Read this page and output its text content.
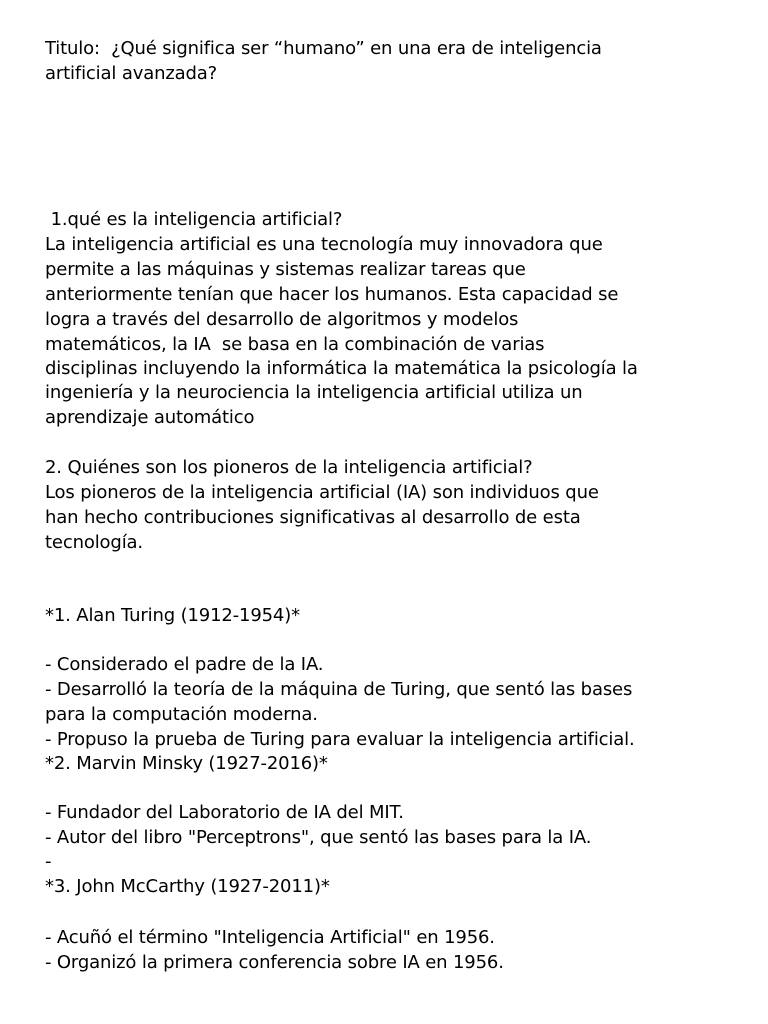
Titulo:  ¿Qué significa ser “humano” en una era de inteligencia

artificial avanzada?

1.qué es la inteligencia artificial?

La inteligencia artificial es una tecnología muy innovadora que

permite a las máquinas y sistemas realizar tareas que

anteriormente tenían que hacer los humanos. Esta capacidad se

logra a través del desarrollo de algoritmos y modelos

matemáticos, la IA  se basa en la combinación de varias

disciplinas incluyendo la informática la matemática la psicología la

ingeniería y la neurociencia la inteligencia artificial utiliza un

aprendizaje automático

2. Quiénes son los pioneros de la inteligencia artificial?

Los pioneros de la inteligencia artificial (IA) son individuos que

han hecho contribuciones significativas al desarrollo de esta

tecnología.

*1. Alan Turing (1912-1954)*

- Considerado el padre de la IA.

- Desarrolló la teoría de la máquina de Turing, que sentó las bases

para la computación moderna.

- Propuso la prueba de Turing para evaluar la inteligencia artificial.

*2. Marvin Minsky (1927-2016)*

- Fundador del Laboratorio de IA del MIT.

- Autor del libro "Perceptrons", que sentó las bases para la IA.

-

*3. John McCarthy (1927-2011)*

- Acuñó el término "Inteligencia Artificial" en 1956.

- Organizó la primera conferencia sobre IA en 1956.
